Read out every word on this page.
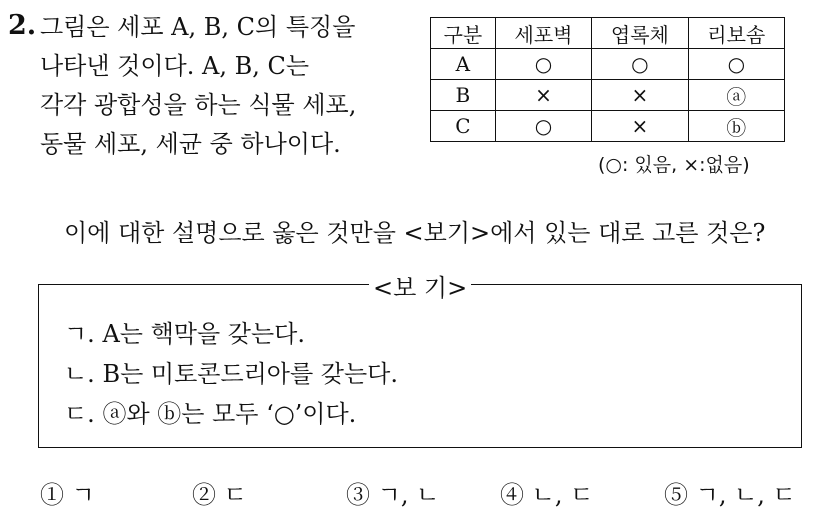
2. 그림은 세포 A, B, C의 특징을
나타낸 것이다. A, B, C는
각각 광합성을 하는 식물 세포,
동물 세포, 세균 중 하나이다.
구분	세포벽	엽록체	리보솜
A	○	○	○
B	×	×	ⓐ
C	○	×	ⓑ
(○: 있음, ×:없음)
이에 대한 설명으로 옳은 것만을 <보기>에서 있는 대로 고른 것은?
<보 기>
ㄱ. A는 핵막을 갖는다.
ㄴ. B는 미토콘드리아를 갖는다.
ㄷ. ⓐ와 ⓑ는 모두 ‘○’이다.
① ㄱ	② ㄷ	③ ㄱ, ㄴ	④ ㄴ, ㄷ	⑤ ㄱ, ㄴ, ㄷ
